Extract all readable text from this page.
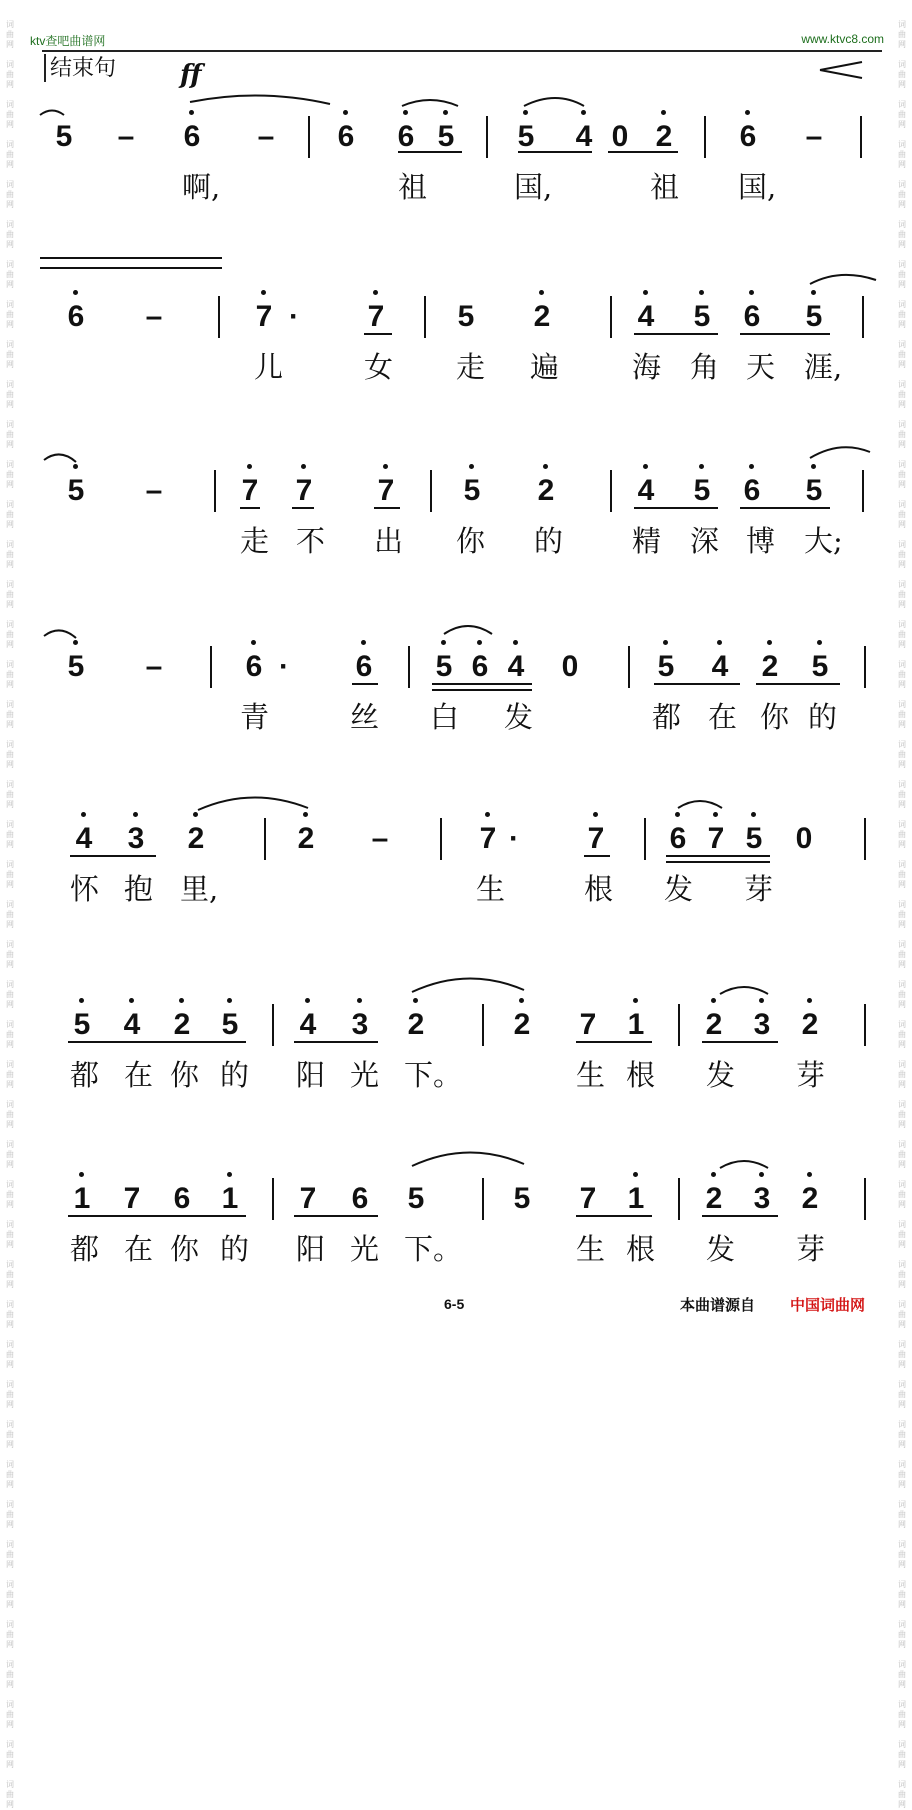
词
曲
网

词
曲
网

词
曲
网

词
曲
网

词
曲
网

词
曲
网

词
曲
网

词
曲
网

词
曲
网

词
曲
网

词
曲
网

词
曲
网

词
曲
网

词
曲
网

词
曲
网

词
曲
网

词
曲
网

词
曲
网

词
曲
网

词
曲
网

词
曲
网

词
曲
网

词
曲
网

词
曲
网

词
曲
网

词
曲
网

词
曲
网

词
曲
网

词
曲
网

词
曲
网

词
曲
网

词
曲
网

词
曲
网

词
曲
网

词
曲
网

词
曲
网

词
曲
网

词
曲
网

词
曲
网

词
曲
网

词
曲
网

词
曲
网

词
曲
网

词
曲
网

词
曲
网
词
曲
网

词
曲
网

词
曲
网

词
曲
网

词
曲
网

词
曲
网

词
曲
网

词
曲
网

词
曲
网

词
曲
网

词
曲
网

词
曲
网

词
曲
网

词
曲
网

词
曲
网

词
曲
网

词
曲
网

词
曲
网

词
曲
网

词
曲
网

词
曲
网

词
曲
网

词
曲
网

词
曲
网

词
曲
网

词
曲
网

词
曲
网

词
曲
网

词
曲
网

词
曲
网

词
曲
网

词
曲
网

词
曲
网

词
曲
网

词
曲
网

词
曲
网

词
曲
网

词
曲
网

词
曲
网

词
曲
网

词
曲
网

词
曲
网

词
曲
网

词
曲
网

词
曲
网
ktv查吧曲谱网	www.ktvc8.com
结束句 ff
5 – 6 – 6 6 5 5 4 0 2 6 –
啊,	祖	国,	祖 国,
6 –	7 ·	7 5 2	4 5 6 5
儿	女 走 遍	海 角 天 涯,
5 –	7 7 7 5 2	4 5 6 5
走 不 出 你 的 精 深 博 大;
5 –	6 ·	6 5 6 4 0	5 4 2 5
青	丝 白 发	都 在 你 的
4 3 2	2 –	7 ·	7 6 7 5 0
怀 抱 里,	生	根 发 芽
5 4 2 5 4 3 2	2 7 1 2 3 2
都 在 你 的 阳 光 下。	生 根 发 芽
1 7 6 1 7 6 5	5 7 1 2 3 2
都 在 你 的 阳 光 下。	生 根 发 芽
6-5	本曲谱源自 中国词曲网
